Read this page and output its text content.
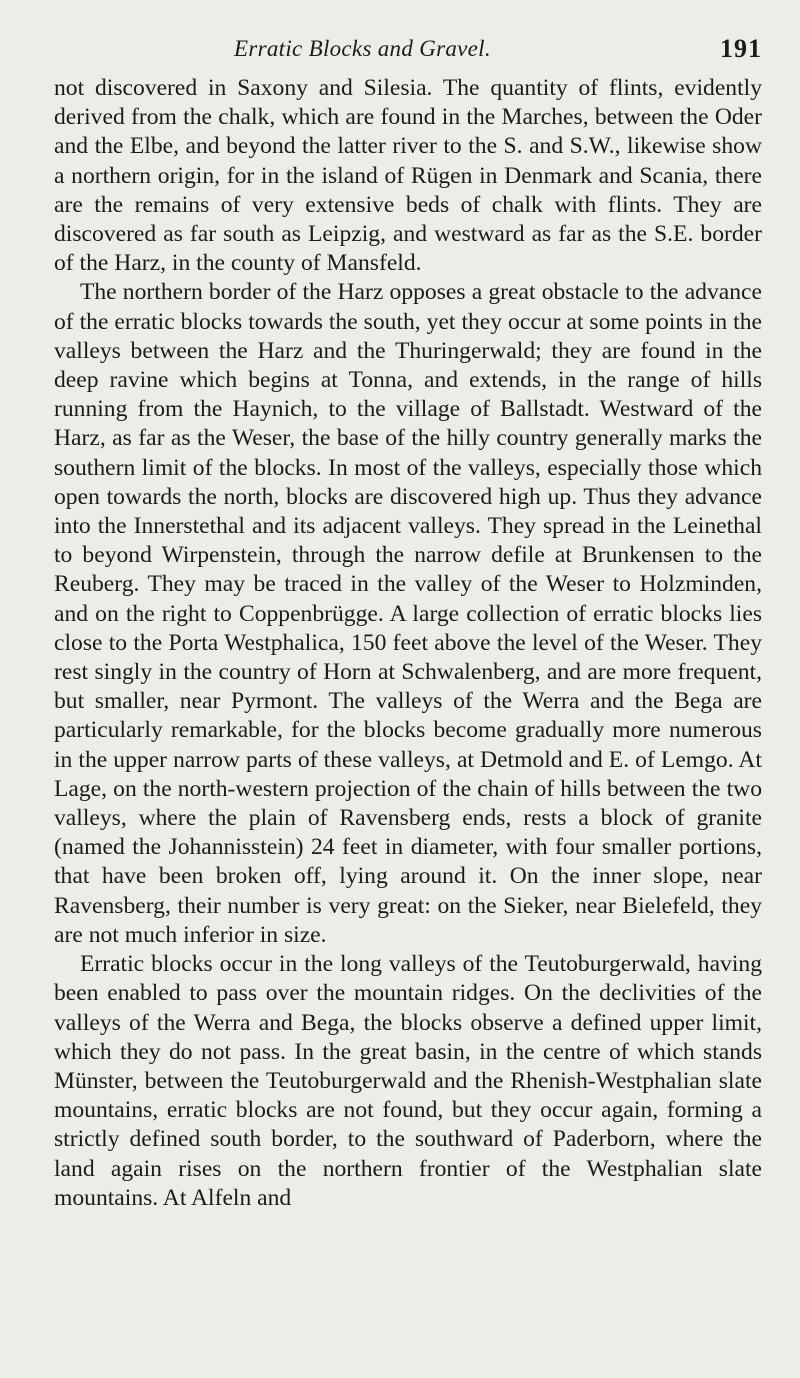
Erratic Blocks and Gravel.	191

not discovered in Saxony and Silesia. The quantity of flints, evidently derived from the chalk, which are found in the Marches, between the Oder and the Elbe, and beyond the latter river to the S. and S.W., likewise show a northern origin, for in the island of Rügen in Denmark and Scania, there are the remains of very extensive beds of chalk with flints. They are discovered as far south as Leipzig, and westward as far as the S.E. border of the Harz, in the county of Mansfeld.

The northern border of the Harz opposes a great obstacle to the advance of the erratic blocks towards the south, yet they occur at some points in the valleys between the Harz and the Thuringerwald; they are found in the deep ravine which begins at Tonna, and extends, in the range of hills running from the Haynich, to the village of Ballstadt. Westward of the Harz, as far as the Weser, the base of the hilly country generally marks the southern limit of the blocks. In most of the valleys, especially those which open towards the north, blocks are discovered high up. Thus they advance into the Innerstethal and its adjacent valleys. They spread in the Leinethal to beyond Wirpenstein, through the narrow defile at Brunkensen to the Reuberg. They may be traced in the valley of the Weser to Holzminden, and on the right to Coppenbrügge. A large collection of erratic blocks lies close to the Porta Westphalica, 150 feet above the level of the Weser. They rest singly in the country of Horn at Schwalenberg, and are more frequent, but smaller, near Pyrmont. The valleys of the Werra and the Bega are particularly remarkable, for the blocks become gradually more numerous in the upper narrow parts of these valleys, at Detmold and E. of Lemgo. At Lage, on the north-western projection of the chain of hills between the two valleys, where the plain of Ravensberg ends, rests a block of granite (named the Johannisstein) 24 feet in diameter, with four smaller portions, that have been broken off, lying around it. On the inner slope, near Ravensberg, their number is very great: on the Sieker, near Bielefeld, they are not much inferior in size.

Erratic blocks occur in the long valleys of the Teutoburgerwald, having been enabled to pass over the mountain ridges. On the declivities of the valleys of the Werra and Bega, the blocks observe a defined upper limit, which they do not pass. In the great basin, in the centre of which stands Münster, between the Teutoburgerwald and the Rhenish-Westphalian slate mountains, erratic blocks are not found, but they occur again, forming a strictly defined south border, to the southward of Paderborn, where the land again rises on the northern frontier of the Westphalian slate mountains. At Alfeln and
